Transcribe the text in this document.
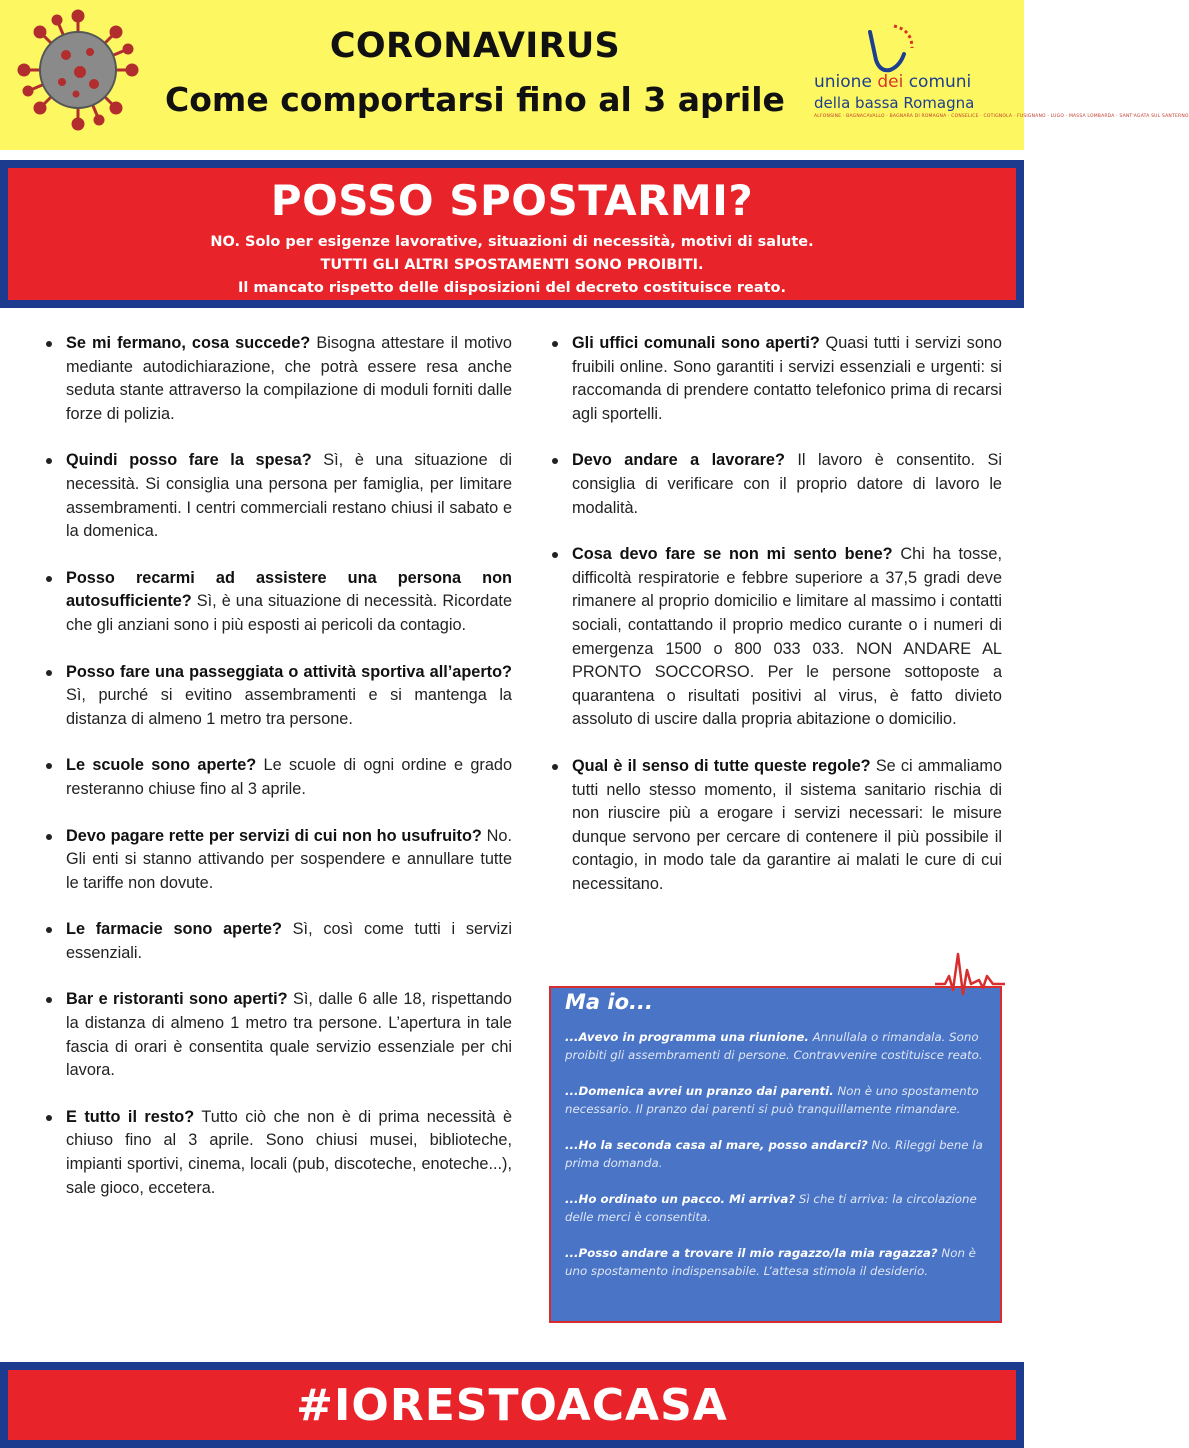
CORONAVIRUS
Come comportarsi fino al 3 aprile unione dei comuni
della bassa Romagna
ALFONSINE · BAGNACAVALLO · BAGNARA DI ROMAGNA · CONSELICE · COTIGNOLA · FUSIGNANO · LUGO · MASSA LOMBARDA · SANT'AGATA SUL SANTERNO
POSSO SPOSTARMI?
NO. Solo per esigenze lavorative, situazioni di necessità, motivi di salute.
TUTTI GLI ALTRI SPOSTAMENTI SONO PROIBITI.
Il mancato rispetto delle disposizioni del decreto costituisce reato.
Se mi fermano, cosa succede? Bisogna attestare il motivo mediante autodichiarazione, che potrà essere resa anche seduta stante attraverso la compilazione di moduli forniti dalle forze di polizia.
Quindi posso fare la spesa? Sì, è una situazione di necessità. Si consiglia una persona per famiglia, per limitare assembramenti. I centri commerciali restano chiusi il sabato e la domenica.
Posso recarmi ad assistere una persona non autosufficiente? Sì, è una situazione di necessità. Ricordate che gli anziani sono i più esposti ai pericoli da contagio.
Posso fare una passeggiata o attività sportiva all’aperto? Sì, purché si evitino assembramenti e si mantenga la distanza di almeno 1 metro tra persone.
Le scuole sono aperte? Le scuole di ogni ordine e grado resteranno chiuse fino al 3 aprile.
Devo pagare rette per servizi di cui non ho usufruito? No. Gli enti si stanno attivando per sospendere e annullare tutte le tariffe non dovute.
Le farmacie sono aperte? Sì, così come tutti i servizi essenziali.
Bar e ristoranti sono aperti? Sì, dalle 6 alle 18, rispettando la distanza di almeno 1 metro tra persone. L’apertura in tale fascia di orari è consentita quale servizio essenziale per chi lavora.
E tutto il resto? Tutto ciò che non è di prima necessità è chiuso fino al 3 aprile. Sono chiusi musei, biblioteche, impianti sportivi, cinema, locali (pub, discoteche, enoteche...), sale gioco, eccetera.
Gli uffici comunali sono aperti? Quasi tutti i servizi sono fruibili online. Sono garantiti i servizi essenziali e urgenti: si raccomanda di prendere contatto telefonico prima di recarsi agli sportelli.
Devo andare a lavorare? Il lavoro è consentito. Si consiglia di verificare con il proprio datore di lavoro le modalità.
Cosa devo fare se non mi sento bene? Chi ha tosse, difficoltà respiratorie e febbre superiore a 37,5 gradi deve rimanere al proprio domicilio e limitare al massimo i contatti sociali, contattando il proprio medico curante o i numeri di emergenza 1500 o 800 033 033. NON ANDARE AL PRONTO SOCCORSO. Per le persone sottoposte a quarantena o risultati positivi al virus, è fatto divieto assoluto di uscire dalla propria abitazione o domicilio.
Qual è il senso di tutte queste regole? Se ci ammaliamo tutti nello stesso momento, il sistema sanitario rischia di non riuscire più a erogare i servizi necessari: le misure dunque servono per cercare di contenere il più possibile il contagio, in modo tale da garantire ai malati le cure di cui necessitano.
Ma io...
...Avevo in programma una riunione. Annullala o rimandala. Sono proibiti gli assembramenti di persone. Contravvenire costituisce reato.
...Domenica avrei un pranzo dai parenti. Non è uno spostamento necessario. Il pranzo dai parenti si può tranquillamente rimandare.
...Ho la seconda casa al mare, posso andarci? No. Rileggi bene la prima domanda.
...Ho ordinato un pacco. Mi arriva? Sì che ti arriva: la circolazione delle merci è consentita.
...Posso andare a trovare il mio ragazzo/la mia ragazza? Non è uno spostamento indispensabile. L’attesa stimola il desiderio.
#IORESTOACASA
